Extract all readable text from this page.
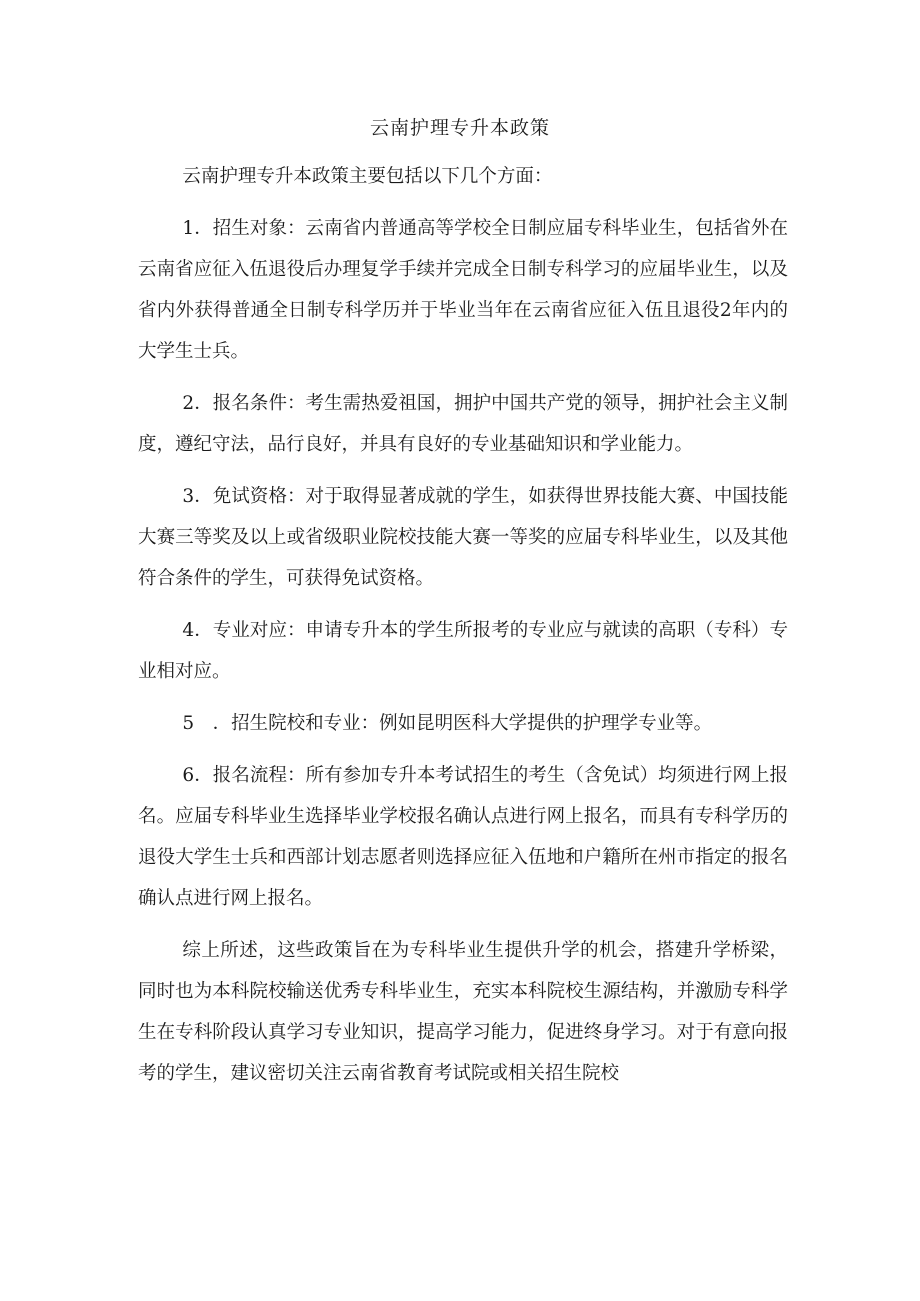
云南护理专升本政策

云南护理专升本政策主要包括以下几个方面：

1．招生对象：云南省内普通高等学校全日制应届专科毕业生，包括省外在云南省应征入伍退役后办理复学手续并完成全日制专科学习的应届毕业生，以及省内外获得普通全日制专科学历并于毕业当年在云南省应征入伍且退役2年内的大学生士兵。

2．报名条件：考生需热爱祖国，拥护中国共产党的领导，拥护社会主义制度，遵纪守法，品行良好，并具有良好的专业基础知识和学业能力。

3．免试资格：对于取得显著成就的学生，如获得世界技能大赛、中国技能大赛三等奖及以上或省级职业院校技能大赛一等奖的应届专科毕业生，以及其他符合条件的学生，可获得免试资格。

4．专业对应：申请专升本的学生所报考的专业应与就读的高职（专科）专业相对应。

5　．招生院校和专业：例如昆明医科大学提供的护理学专业等。

6．报名流程：所有参加专升本考试招生的考生（含免试）均须进行网上报名。应届专科毕业生选择毕业学校报名确认点进行网上报名，而具有专科学历的退役大学生士兵和西部计划志愿者则选择应征入伍地和户籍所在州市指定的报名确认点进行网上报名。

综上所述，这些政策旨在为专科毕业生提供升学的机会，搭建升学桥梁，同时也为本科院校输送优秀专科毕业生，充实本科院校生源结构，并激励专科学生在专科阶段认真学习专业知识，提高学习能力，促进终身学习。对于有意向报考的学生，建议密切关注云南省教育考试院或相关招生院校
